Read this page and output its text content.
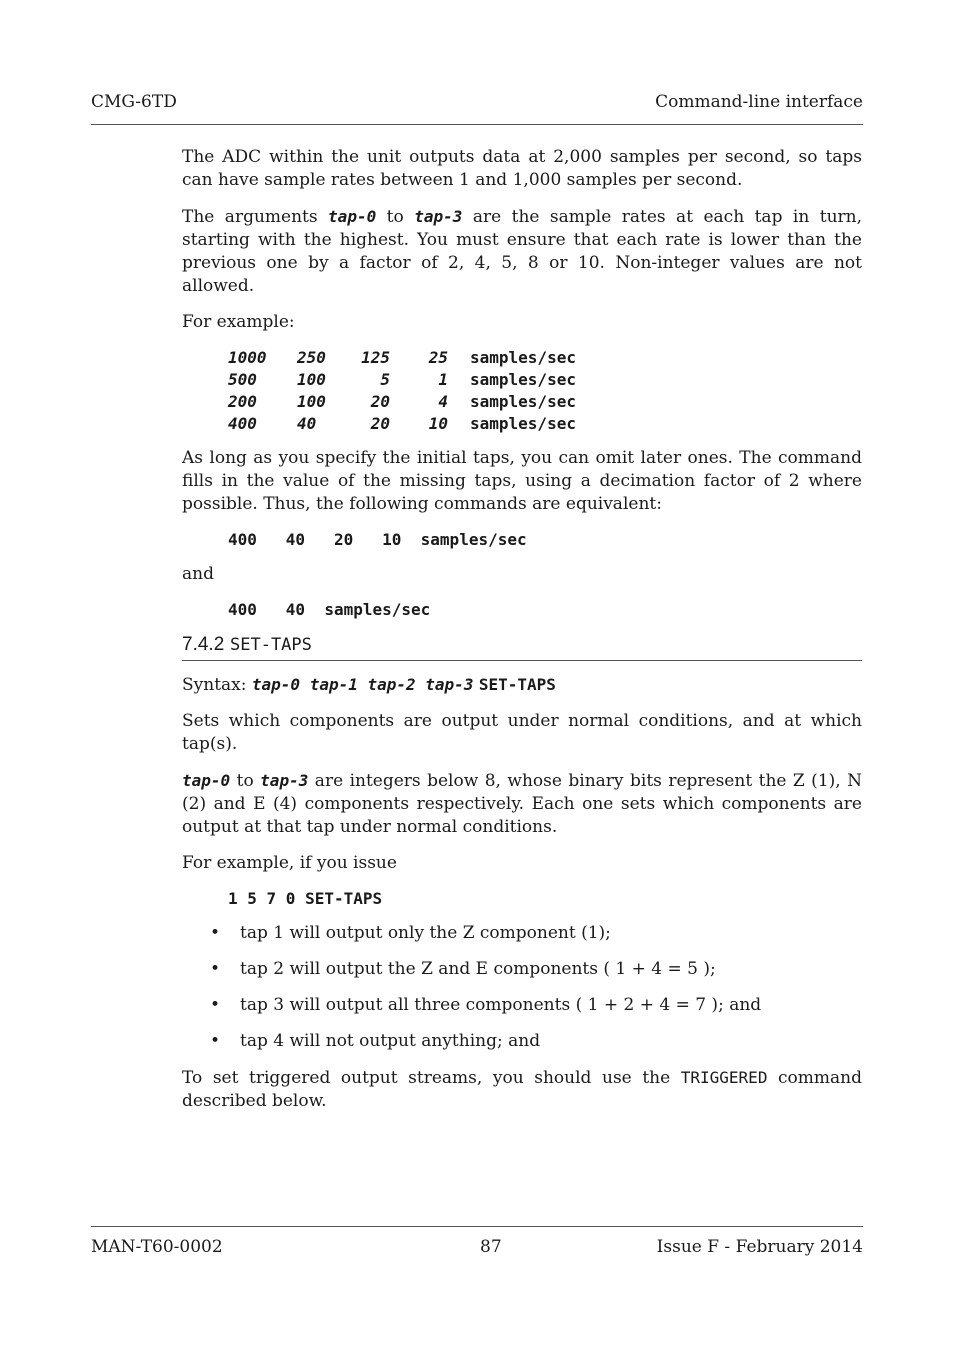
CMG-6TD	Command-line interface

The ADC within the unit outputs data at 2,000 samples per second, so taps can have sample rates between 1 and 1,000 samples per second.

The arguments tap-0 to tap-3 are the sample rates at each tap in turn, starting with the highest. You must ensure that each rate is lower than the previous one by a factor of 2, 4, 5, 8 or 10. Non-integer values are not allowed.

For example:

1000	250	125	25	samples/sec
500	100	5	1	samples/sec
200	100	20	4	samples/sec
400	40	20	10	samples/sec

As long as you specify the initial taps, you can omit later ones. The command fills in the value of the missing taps, using a decimation factor of 2 where possible. Thus, the following commands are equivalent:

400   40   20   10  samples/sec

and

400   40  samples/sec
7.4.2 SET-TAPS

Syntax: tap-0 tap-1 tap-2 tap-3 SET-TAPS

Sets which components are output under normal conditions, and at which tap(s).

tap-0 to tap-3 are integers below 8, whose binary bits represent the Z (1), N (2) and E (4) components respectively. Each one sets which components are output at that tap under normal conditions.

For example, if you issue

1 5 7 0 SET-TAPS
• tap 1 will output only the Z component (1);
• tap 2 will output the Z and E components ( 1 + 4 = 5 );
• tap 3 will output all three components ( 1 + 2 + 4 = 7 ); and
• tap 4 will not output anything; and

To set triggered output streams, you should use the TRIGGERED command described below.

MAN-T60-0002	87	Issue F - February 2014
